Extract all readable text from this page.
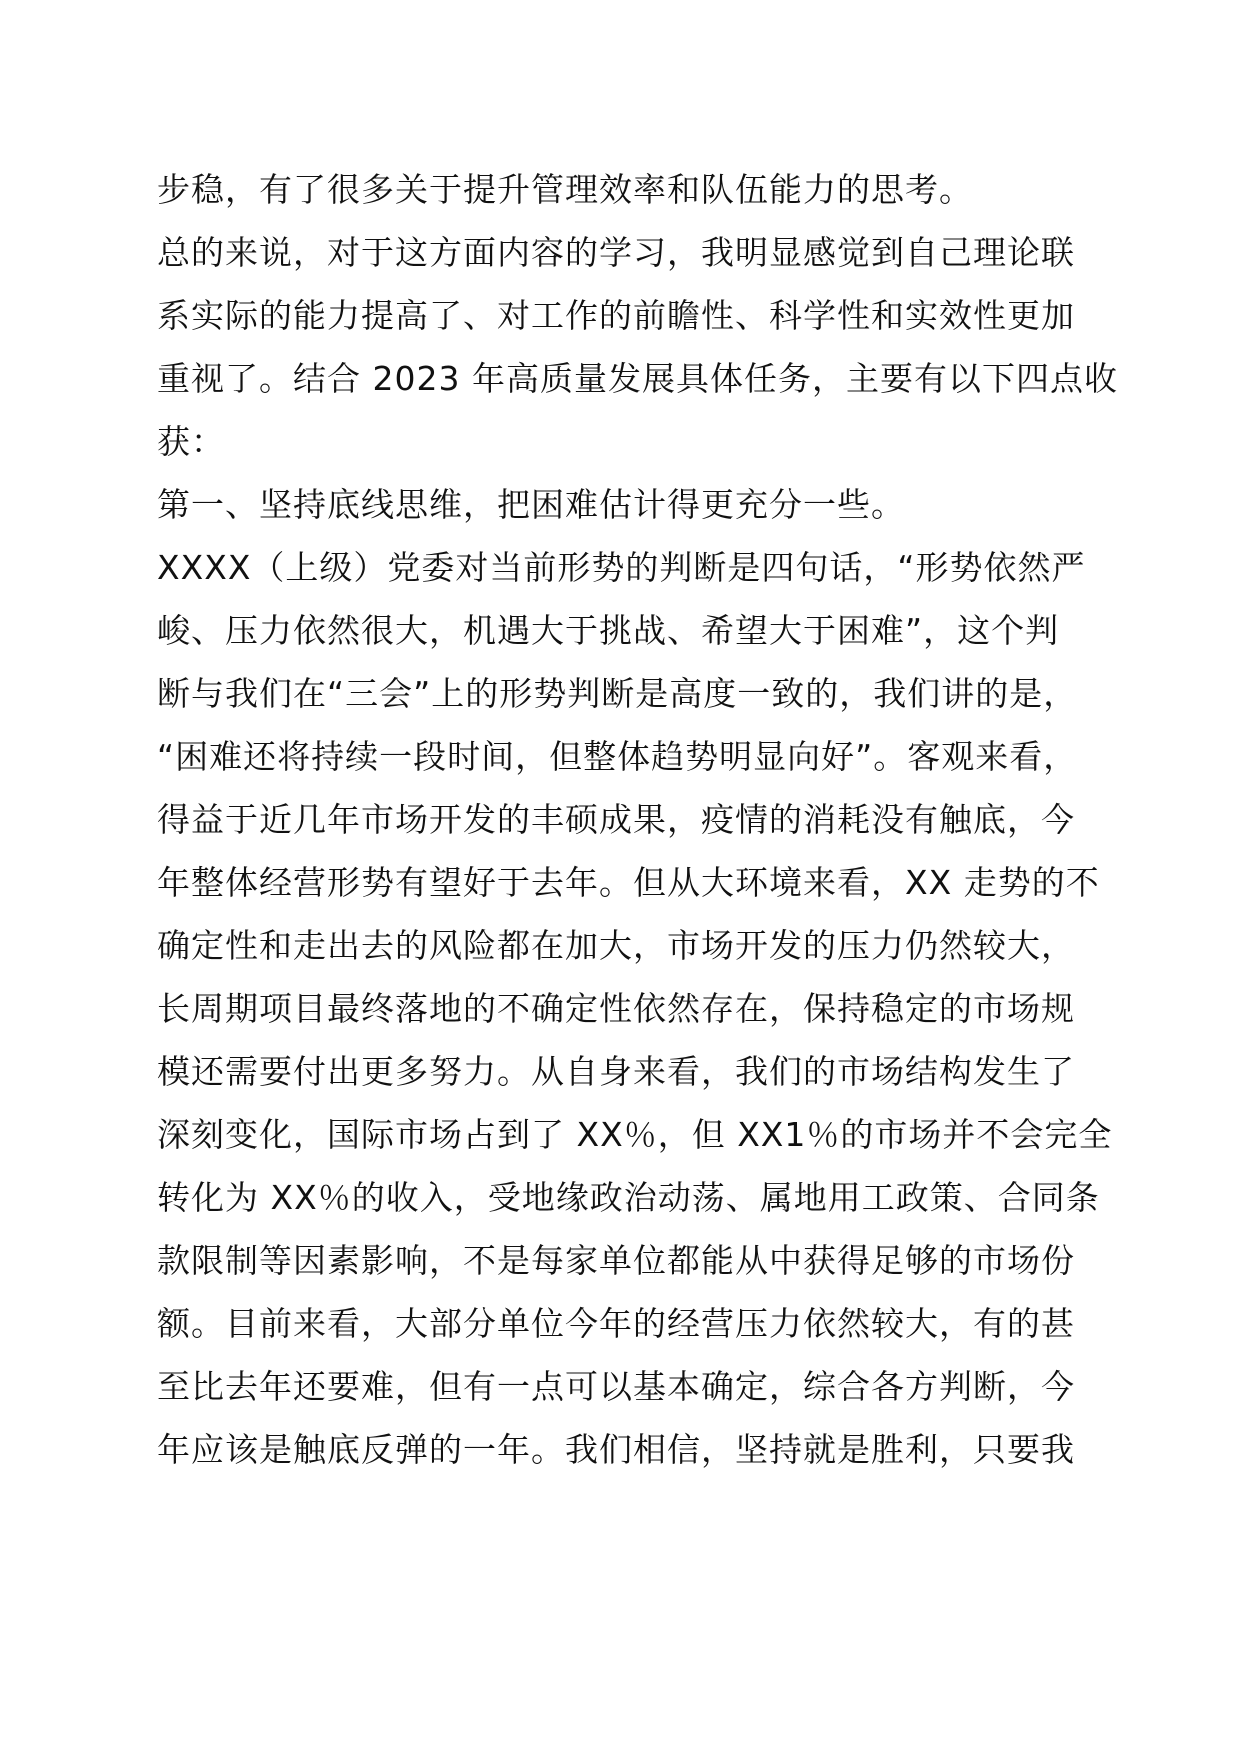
步稳，有了很多关于提升管理效率和队伍能力的思考。
总的来说，对于这方面内容的学习，我明显感觉到自己理论联
系实际的能力提高了、对工作的前瞻性、科学性和实效性更加
重视了。结合 2023 年高质量发展具体任务，主要有以下四点收
获：
第一、坚持底线思维，把困难估计得更充分一些。
XXXX（上级）党委对当前形势的判断是四句话，“形势依然严
峻、压力依然很大，机遇大于挑战、希望大于困难”，这个判
断与我们在“三会”上的形势判断是高度一致的，我们讲的是，
“困难还将持续一段时间，但整体趋势明显向好”。客观来看，
得益于近几年市场开发的丰硕成果，疫情的消耗没有触底，今
年整体经营形势有望好于去年。但从大环境来看，XX 走势的不
确定性和走出去的风险都在加大，市场开发的压力仍然较大，
长周期项目最终落地的不确定性依然存在，保持稳定的市场规
模还需要付出更多努力。从自身来看，我们的市场结构发生了
深刻变化，国际市场占到了 XX％，但 XX1％的市场并不会完全
转化为 XX％的收入，受地缘政治动荡、属地用工政策、合同条
款限制等因素影响，不是每家单位都能从中获得足够的市场份
额。目前来看，大部分单位今年的经营压力依然较大，有的甚
至比去年还要难，但有一点可以基本确定，综合各方判断，今
年应该是触底反弹的一年。我们相信，坚持就是胜利，只要我
